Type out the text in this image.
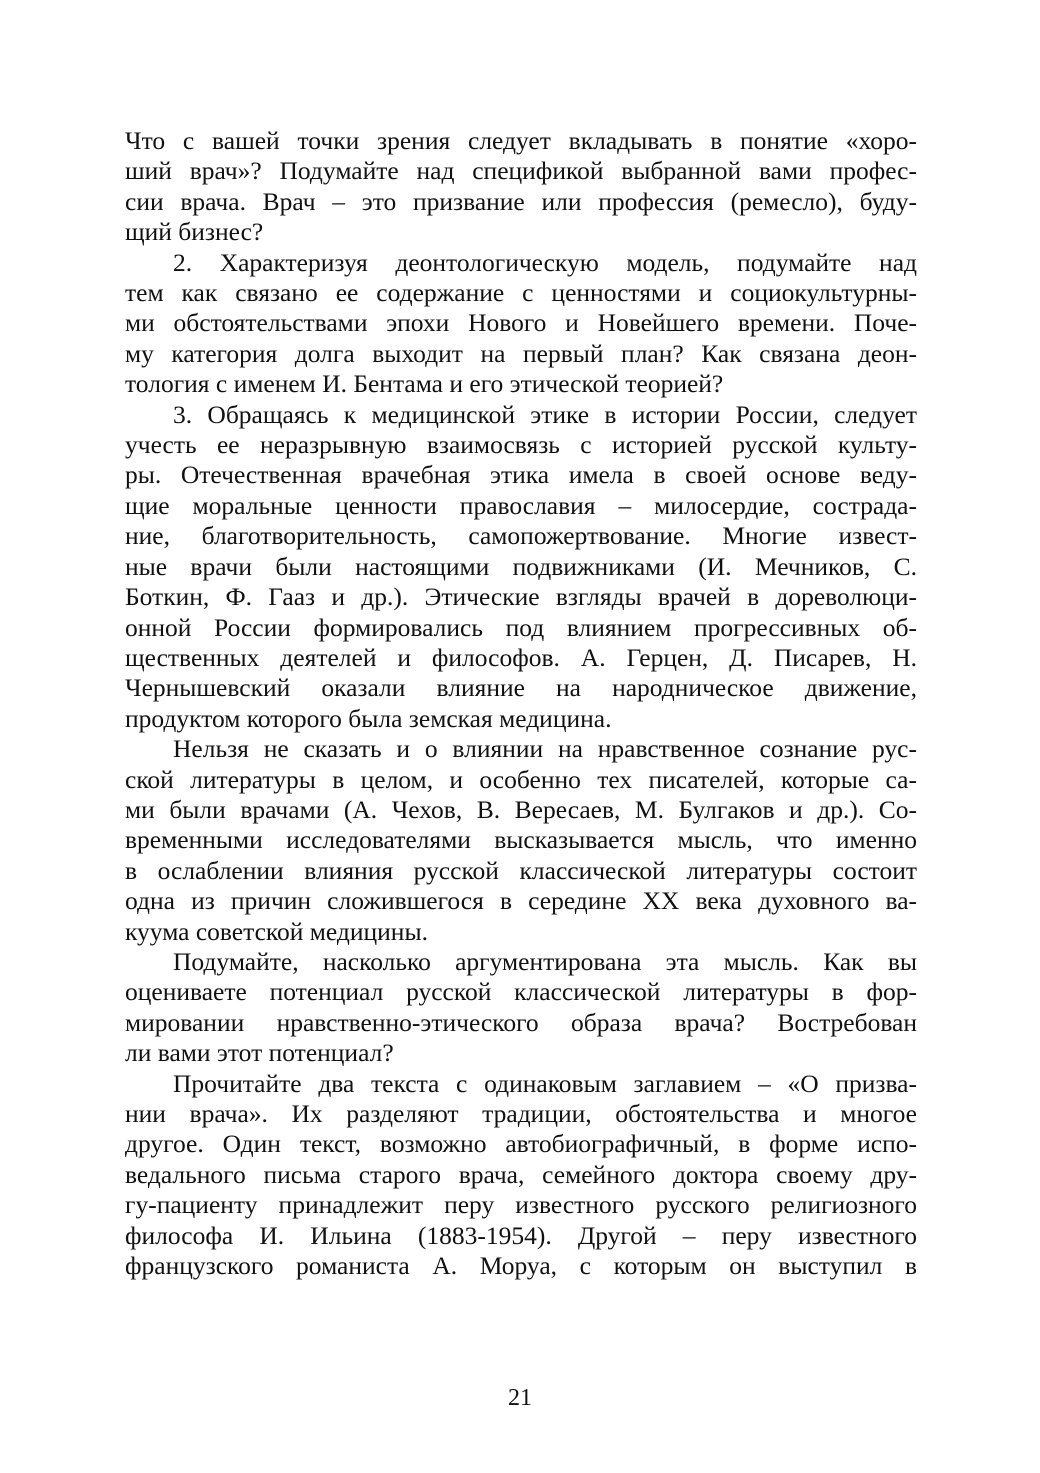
Что с вашей точки зрения следует вкладывать в понятие «хоро-
ший врач»? Подумайте над спецификой выбранной вами профес-
сии врача. Врач – это призвание или профессия (ремесло), буду-
щий бизнес?

2. Характеризуя деонтологическую модель, подумайте над
тем как связано ее содержание с ценностями и социокультурны-
ми обстоятельствами эпохи Нового и Новейшего времени. Поче-
му категория долга выходит на первый план? Как связана деон-
тология с именем И. Бентама и его этической теорией?

3. Обращаясь к медицинской этике в истории России, следует
учесть ее неразрывную взаимосвязь с историей русской культу-
ры. Отечественная врачебная этика имела в своей основе веду-
щие моральные ценности православия – милосердие, сострада-
ние, благотворительность, самопожертвование. Многие извест-
ные врачи были настоящими подвижниками (И. Мечников, С.
Боткин, Ф. Гааз и др.). Этические взгляды врачей в дореволюци-
онной России формировались под влиянием прогрессивных об-
щественных деятелей и философов. А. Герцен, Д. Писарев, Н.
Чернышевский оказали влияние на народническое движение,
продуктом которого была земская медицина.

Нельзя не сказать и о влиянии на нравственное сознание рус-
ской литературы в целом, и особенно тех писателей, которые са-
ми были врачами (А. Чехов, В. Вересаев, М. Булгаков и др.). Со-
временными исследователями высказывается мысль, что именно
в ослаблении влияния русской классической литературы состоит
одна из причин сложившегося в середине XX века духовного ва-
куума советской медицины.

Подумайте, насколько аргументирована эта мысль. Как вы
оцениваете потенциал русской классической литературы в фор-
мировании нравственно-этического образа врача? Востребован
ли вами этот потенциал?

Прочитайте два текста с одинаковым заглавием – «О призва-
нии врача». Их разделяют традиции, обстоятельства и многое
другое. Один текст, возможно автобиографичный, в форме испо-
ведального письма старого врача, семейного доктора своему дру-
гу-пациенту принадлежит перу известного русского религиозного
философа И. Ильина (1883-1954). Другой – перу известного
французского романиста А. Моруа, с которым он выступил в

21
